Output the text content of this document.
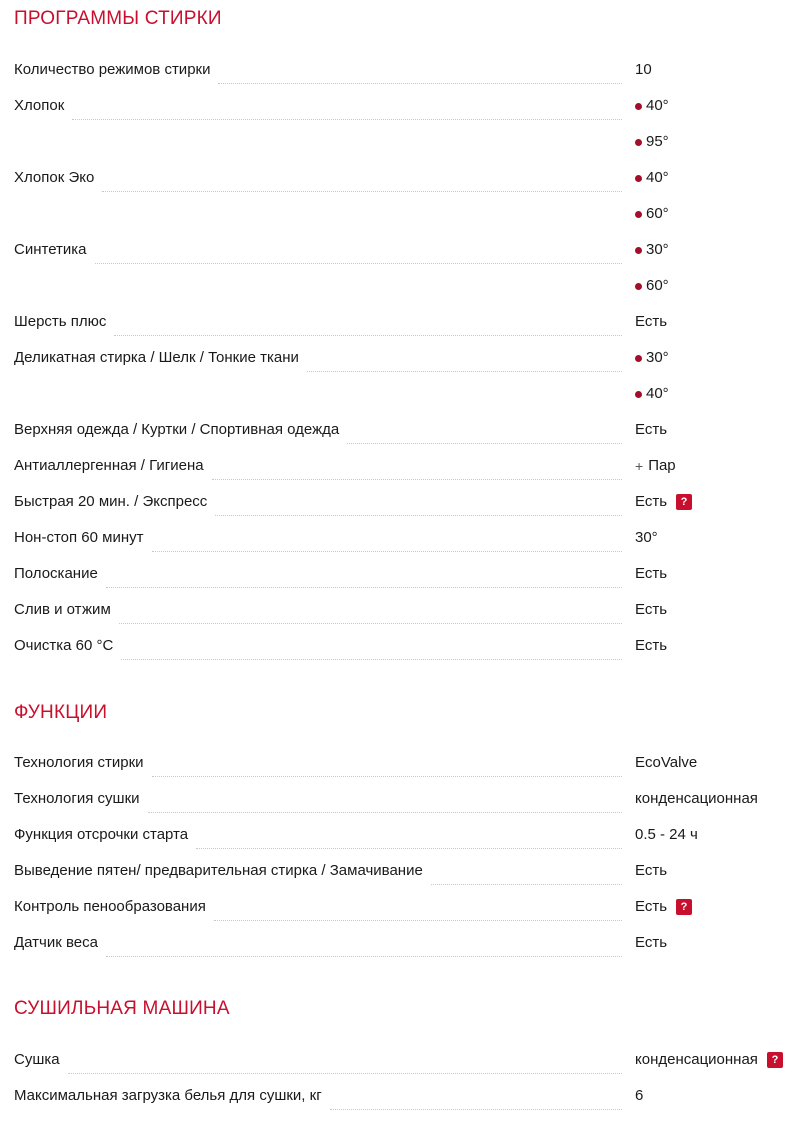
ПРОГРАММЫ СТИРКИ
Количество режимов стирки	10
Хлопок	40°
95°
Хлопок Эко	40°
60°
Синтетика	30°
60°
Шерсть плюс	Есть
Деликатная стирка / Шелк / Тонкие ткани	30°
40°
Верхняя одежда / Куртки / Спортивная одежда	Есть
Антиаллергенная / Гигиена	+ Пар
Быстрая 20 мин. / Экспресс	Есть	?
Нон-стоп 60 минут	30°
Полоскание	Есть
Слив и отжим	Есть
Очистка 60 °C	Есть
ФУНКЦИИ
Технология стирки	EcoValve
Технология сушки	конденсационная
Функция отсрочки старта	0.5 - 24 ч
Выведение пятен/ предварительная стирка / Замачивание	Есть
Контроль пенообразования	Есть	?
Датчик веса	Есть
СУШИЛЬНАЯ МАШИНА
Сушка	конденсационная	?
Максимальная загрузка белья для сушки, кг	6
